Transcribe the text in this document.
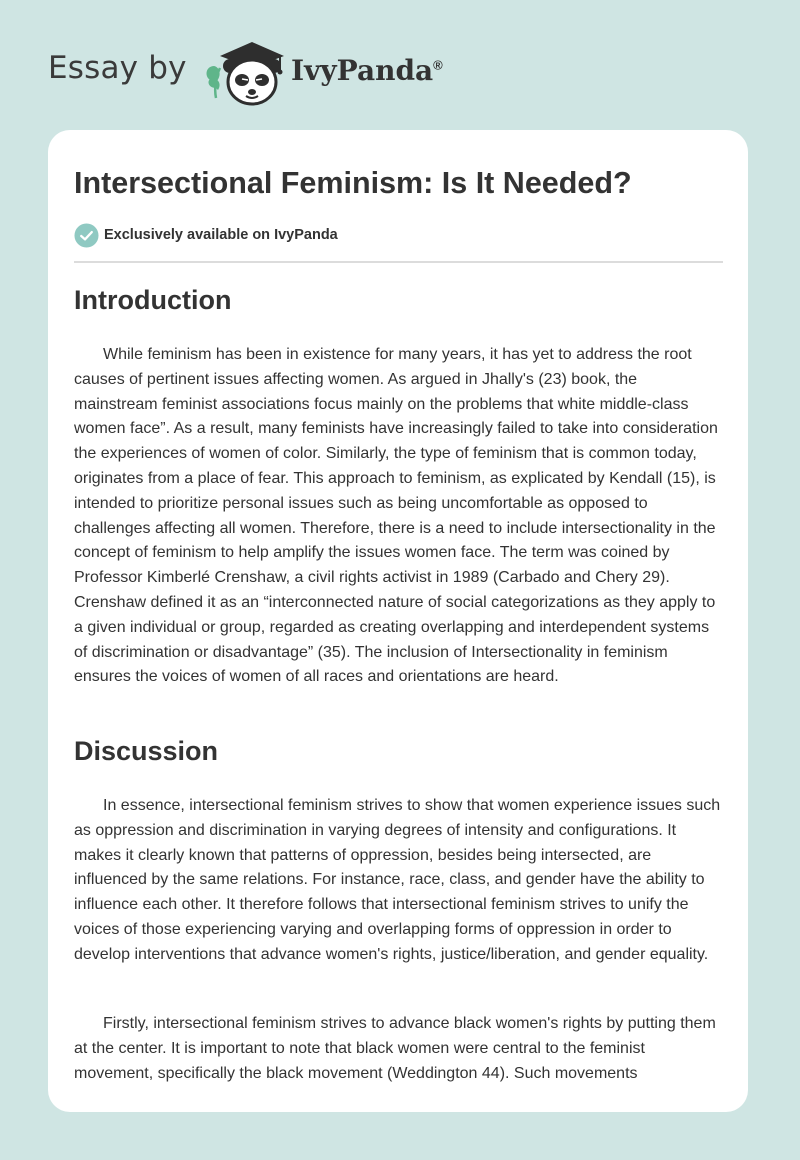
Essay by	IvyPanda®
Intersectional Feminism: Is It Needed?
Exclusively available on IvyPanda
Introduction

While feminism has been in existence for many years, it has yet to address the root causes of pertinent issues affecting women. As argued in Jhally's (23) book, the mainstream feminist associations focus mainly on the problems that white middle-class women face”. As a result, many feminists have increasingly failed to take into consideration the experiences of women of color. Similarly, the type of feminism that is common today, originates from a place of fear. This approach to feminism, as explicated by Kendall (15), is intended to prioritize personal issues such as being uncomfortable as opposed to challenges affecting all women. Therefore, there is a need to include intersectionality in the concept of feminism to help amplify the issues women face. The term was coined by Professor Kimberlé Crenshaw, a civil rights activist in 1989 (Carbado and Chery 29). Crenshaw defined it as an “interconnected nature of social categorizations as they apply to a given individual or group, regarded as creating overlapping and interdependent systems of discrimination or disadvantage” (35). The inclusion of Intersectionality in feminism ensures the voices of women of all races and orientations are heard.

Discussion

In essence, intersectional feminism strives to show that women experience issues such as oppression and discrimination in varying degrees of intensity and configurations. It makes it clearly known that patterns of oppression, besides being intersected, are influenced by the same relations. For instance, race, class, and gender have the ability to influence each other. It therefore follows that intersectional feminism strives to unify the voices of those experiencing varying and overlapping forms of oppression in order to develop interventions that advance women's rights, justice/liberation, and gender equality.

Firstly, intersectional feminism strives to advance black women's rights by putting them at the center. It is important to note that black women were central to the feminist movement, specifically the black movement (Weddington 44). Such movements
